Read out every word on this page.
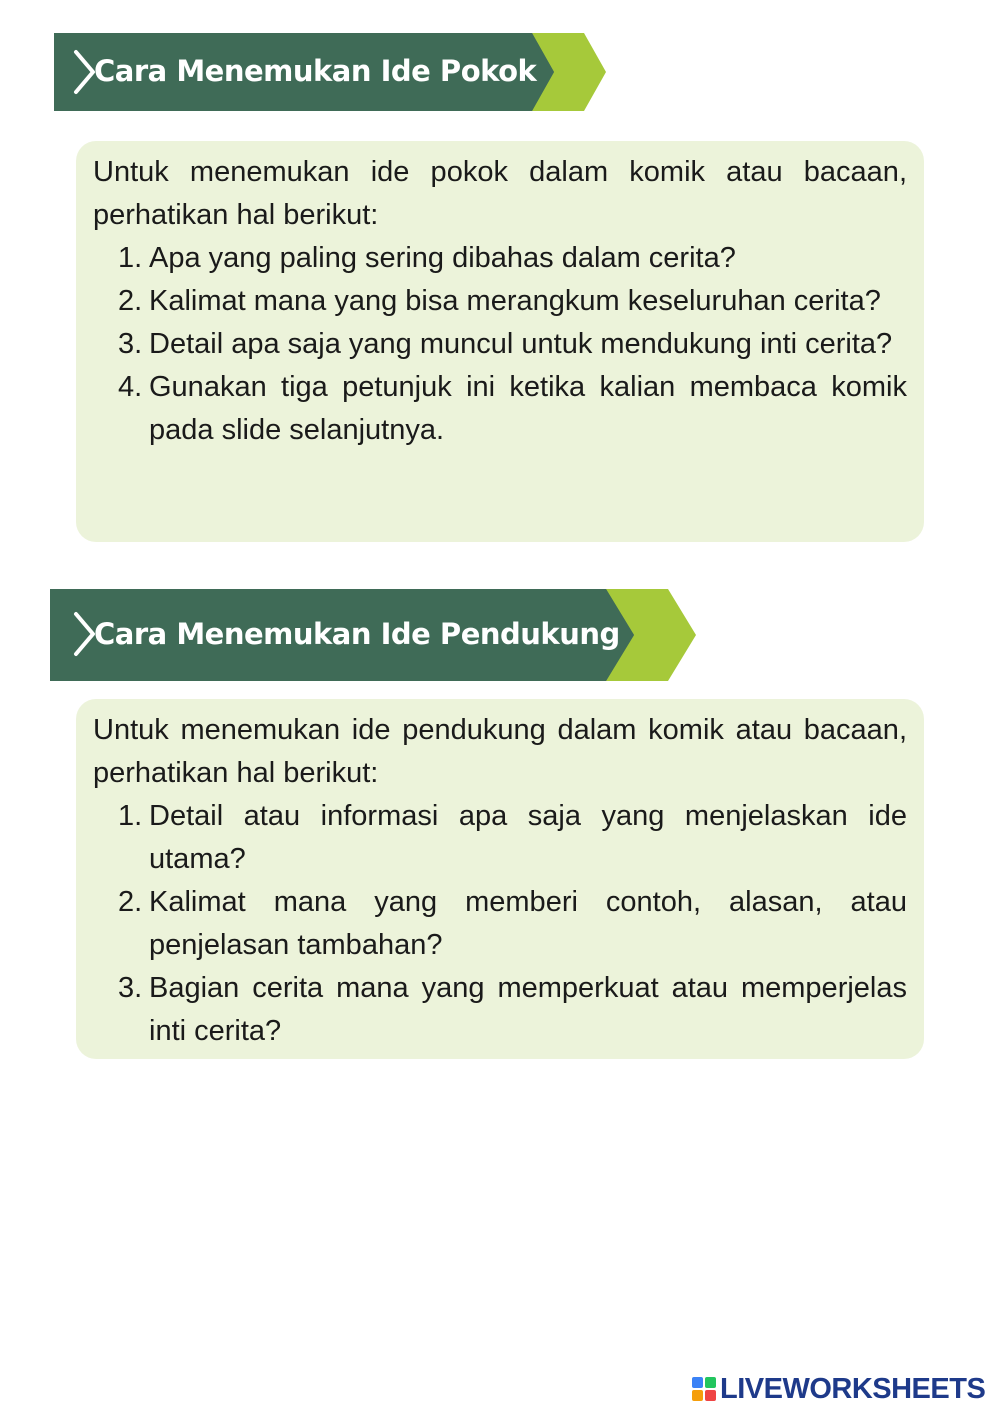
Cara Menemukan Ide Pokok

Untuk menemukan ide pokok dalam komik atau bacaan, perhatikan hal berikut:

1. Apa yang paling sering dibahas dalam cerita?
2. Kalimat mana yang bisa merangkum keseluruhan cerita?
3. Detail apa saja yang muncul untuk mendukung inti cerita?
4. Gunakan tiga petunjuk ini ketika kalian membaca komik pada slide selanjutnya.
Cara Menemukan Ide Pendukung

Untuk menemukan ide pendukung dalam komik atau bacaan, perhatikan hal berikut:

1. Detail atau informasi apa saja yang menjelaskan ide utama?
2. Kalimat mana yang memberi contoh, alasan, atau penjelasan tambahan?
3. Bagian cerita mana yang memperkuat atau memperjelas inti cerita?
LIVEWORKSHEETS
